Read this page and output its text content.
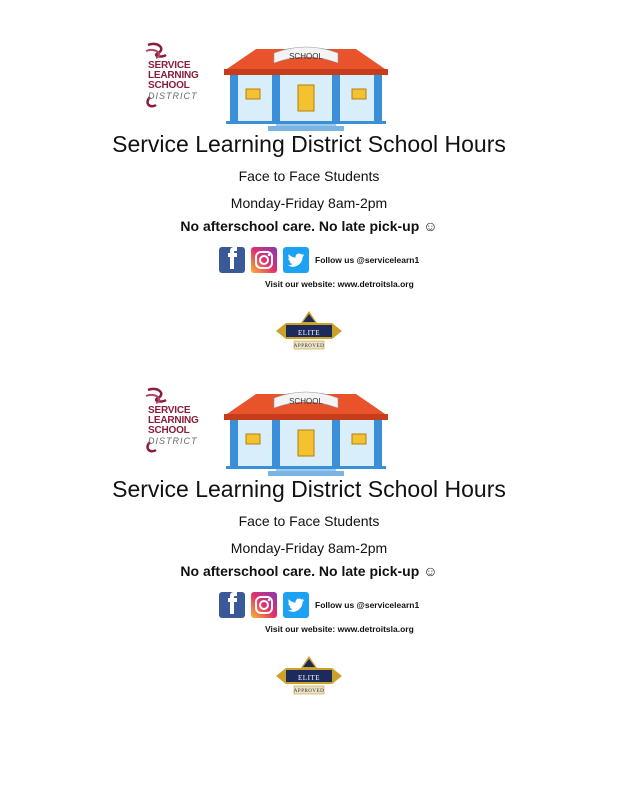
SERVICE
LEARNING
SCHOOL
DISTRICT
SCHOOL
Service Learning District School Hours
Face to Face Students
Monday-Friday 8am-2pm
No afterschool care. No late pick-up ☺
Follow us @servicelearn1
Visit our website: www.detroitsla.org
ELITE
APPROVED
SERVICE
LEARNING
SCHOOL
DISTRICT
SCHOOL
Service Learning District School Hours
Face to Face Students
Monday-Friday 8am-2pm
No afterschool care. No late pick-up ☺
Follow us @servicelearn1
Visit our website: www.detroitsla.org
ELITE
APPROVED
